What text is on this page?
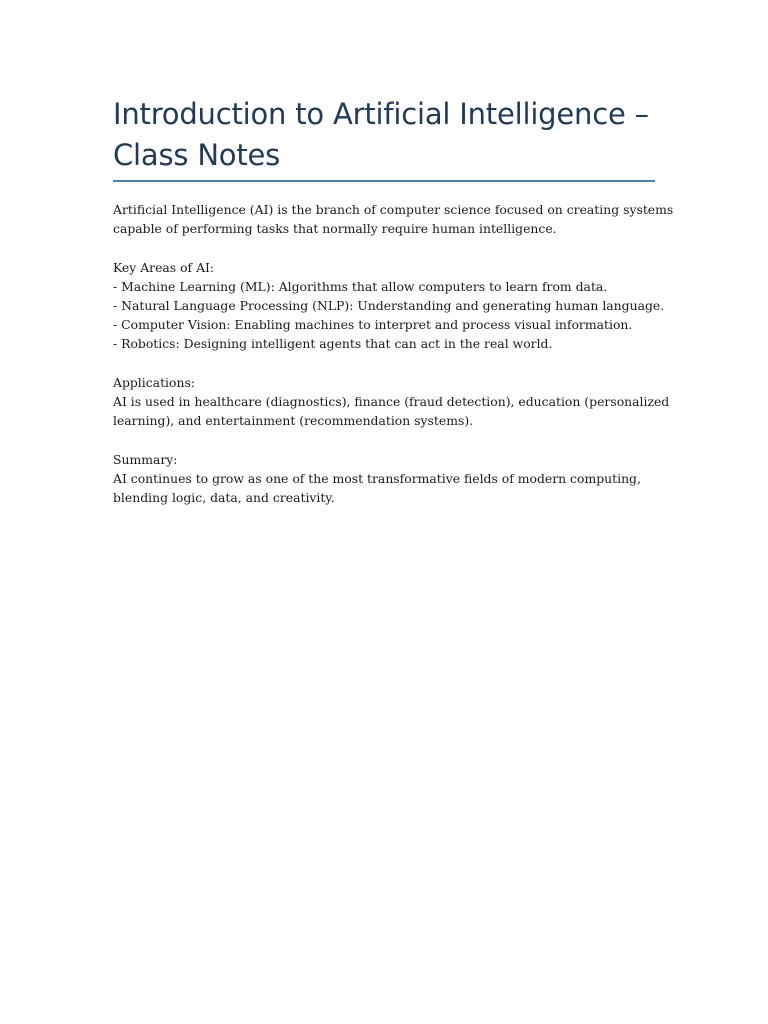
Introduction to Artificial Intelligence –
Class Notes

Artificial Intelligence (AI) is the branch of computer science focused on creating systems
capable of performing tasks that normally require human intelligence.

Key Areas of AI:
- Machine Learning (ML): Algorithms that allow computers to learn from data.
- Natural Language Processing (NLP): Understanding and generating human language.
- Computer Vision: Enabling machines to interpret and process visual information.
- Robotics: Designing intelligent agents that can act in the real world.
Applications:
AI is used in healthcare (diagnostics), finance (fraud detection), education (personalized
learning), and entertainment (recommendation systems).
Summary:
AI continues to grow as one of the most transformative fields of modern computing,
blending logic, data, and creativity.
